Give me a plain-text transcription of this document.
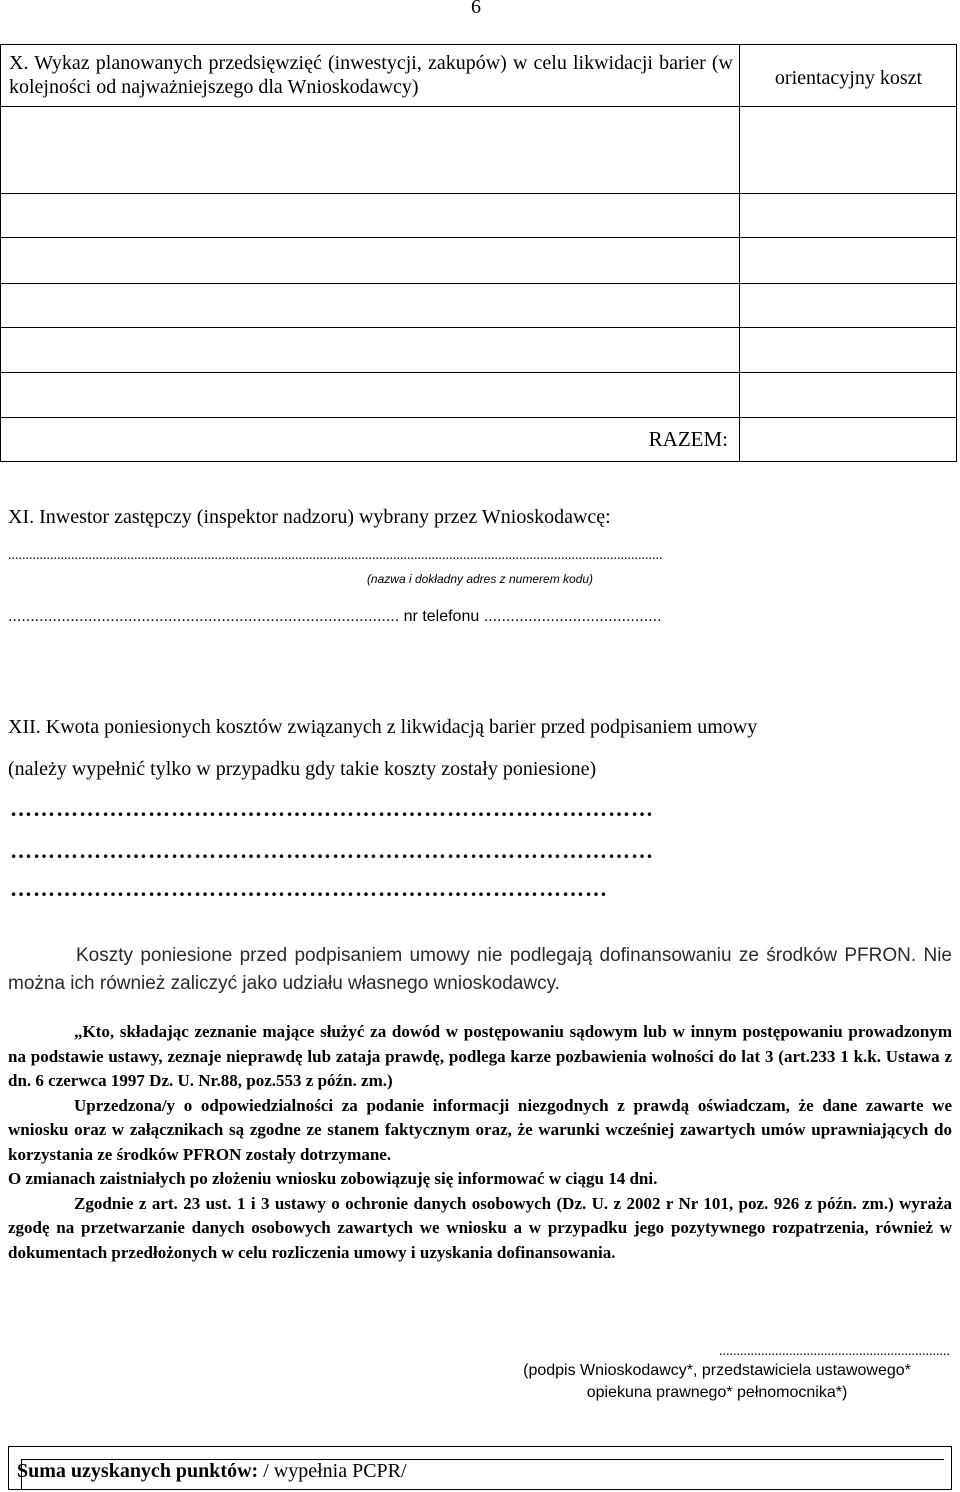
6
X. Wykaz planowanych przedsięwzięć (inwestycji, zakupów) w celu likwidacji barier (w kolejności od najważniejszego dla Wnioskodawcy)	orientacyjny koszt
RAZEM:
XI. Inwestor zastępczy (inspektor nadzoru) wybrany przez Wnioskodawcę:
...........................................................................................................................................................................................
(nazwa i dokładny adres z numerem kodu)
........................................................................................ nr telefonu ........................................
XII. Kwota poniesionych kosztów związanych z likwidacją barier przed podpisaniem umowy
(należy wypełnić tylko w przypadku gdy takie koszty zostały poniesione)
…………………………………………………………………………
…………………………………………………………………………
……………………………………………………………………
Koszty poniesione przed podpisaniem umowy nie podlegają dofinansowaniu ze środków PFRON. Nie można ich również zaliczyć jako udziału własnego wnioskodawcy.

„Kto, składając zeznanie mające służyć za dowód w postępowaniu sądowym lub w innym postępowaniu prowadzonym na podstawie ustawy, zeznaje nieprawdę lub zataja prawdę, podlega karze pozbawienia wolności do lat 3 (art.233 1 k.k. Ustawa z dn. 6 czerwca 1997 Dz. U. Nr.88, poz.553 z późn. zm.)

Uprzedzona/y o odpowiedzialności za podanie informacji niezgodnych z prawdą oświadczam, że dane zawarte we wniosku oraz w załącznikach są zgodne ze stanem faktycznym oraz, że warunki wcześniej zawartych umów uprawniających do korzystania ze środków PFRON zostały dotrzymane.

O zmianach zaistniałych po złożeniu wniosku zobowiązuję się informować w ciągu 14 dni.

Zgodnie z art. 23 ust. 1 i 3 ustawy o ochronie danych osobowych (Dz. U. z 2002 r Nr 101, poz. 926 z późn. zm.) wyraża zgodę na przetwarzanie danych osobowych zawartych we wniosku a w przypadku jego pozytywnego rozpatrzenia, również w dokumentach przedłożonych w celu rozliczenia umowy i uzyskania dofinansowania.

..................................................................
(podpis Wnioskodawcy*, przedstawiciela ustawowego*
opiekuna prawnego* pełnomocnika*)
Suma uzyskanych punktów: / wypełnia PCPR/
